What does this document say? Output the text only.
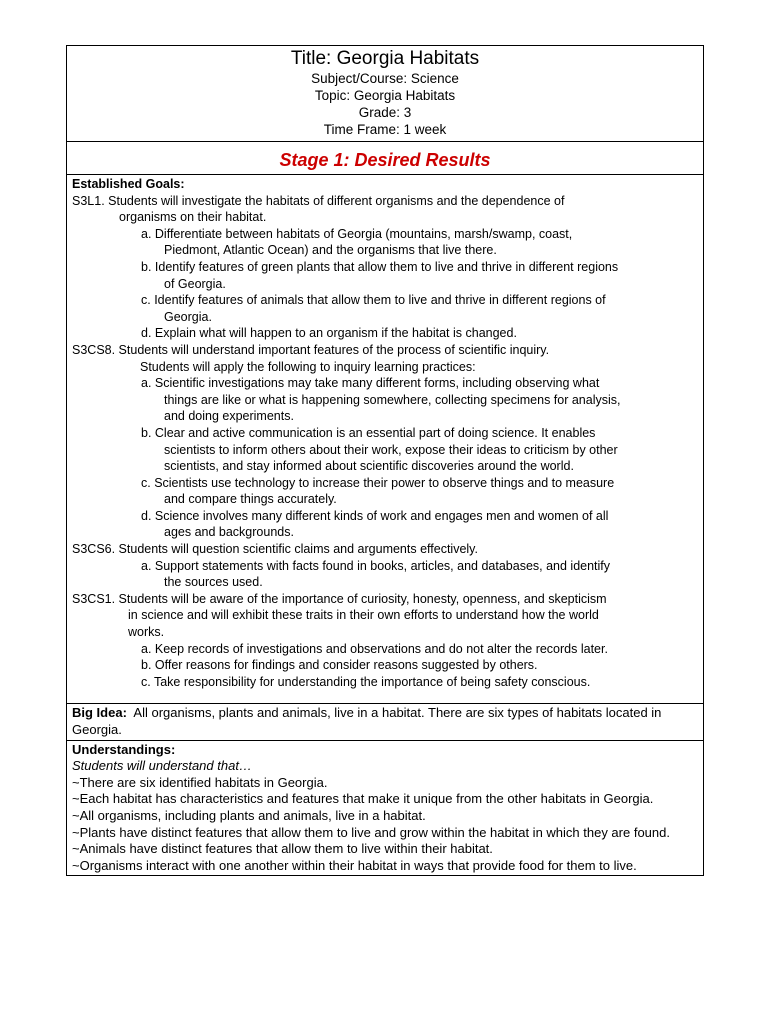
Title: Georgia Habitats
Subject/Course: Science
Topic: Georgia Habitats
Grade: 3
Time Frame: 1 week
Stage 1: Desired Results
Established Goals:
S3L1. Students will investigate the habitats of different organisms and the dependence of
organisms on their habitat.
a. Differentiate between habitats of Georgia (mountains, marsh/swamp, coast,
Piedmont, Atlantic Ocean) and the organisms that live there.
b. Identify features of green plants that allow them to live and thrive in different regions
of Georgia.
c. Identify features of animals that allow them to live and thrive in different regions of
Georgia.
d. Explain what will happen to an organism if the habitat is changed.
S3CS8. Students will understand important features of the process of scientific inquiry.
Students will apply the following to inquiry learning practices:
a. Scientific investigations may take many different forms, including observing what
things are like or what is happening somewhere, collecting specimens for analysis,
and doing experiments.
b. Clear and active communication is an essential part of doing science. It enables
scientists to inform others about their work, expose their ideas to criticism by other
scientists, and stay informed about scientific discoveries around the world.
c. Scientists use technology to increase their power to observe things and to measure
and compare things accurately.
d. Science involves many different kinds of work and engages men and women of all
ages and backgrounds.
S3CS6. Students will question scientific claims and arguments effectively.
a. Support statements with facts found in books, articles, and databases, and identify
the sources used.
S3CS1. Students will be aware of the importance of curiosity, honesty, openness, and skepticism
in science and will exhibit these traits in their own efforts to understand how the world
works.
a. Keep records of investigations and observations and do not alter the records later.
b. Offer reasons for findings and consider reasons suggested by others.
c. Take responsibility for understanding the importance of being safety conscious.
Big Idea: All organisms, plants and animals, live in a habitat. There are six types of habitats located in Georgia.
Understandings:
Students will understand that…
~There are six identified habitats in Georgia.
~Each habitat has characteristics and features that make it unique from the other habitats in Georgia.
~All organisms, including plants and animals, live in a habitat.
~Plants have distinct features that allow them to live and grow within the habitat in which they are found.
~Animals have distinct features that allow them to live within their habitat.
~Organisms interact with one another within their habitat in ways that provide food for them to live.
